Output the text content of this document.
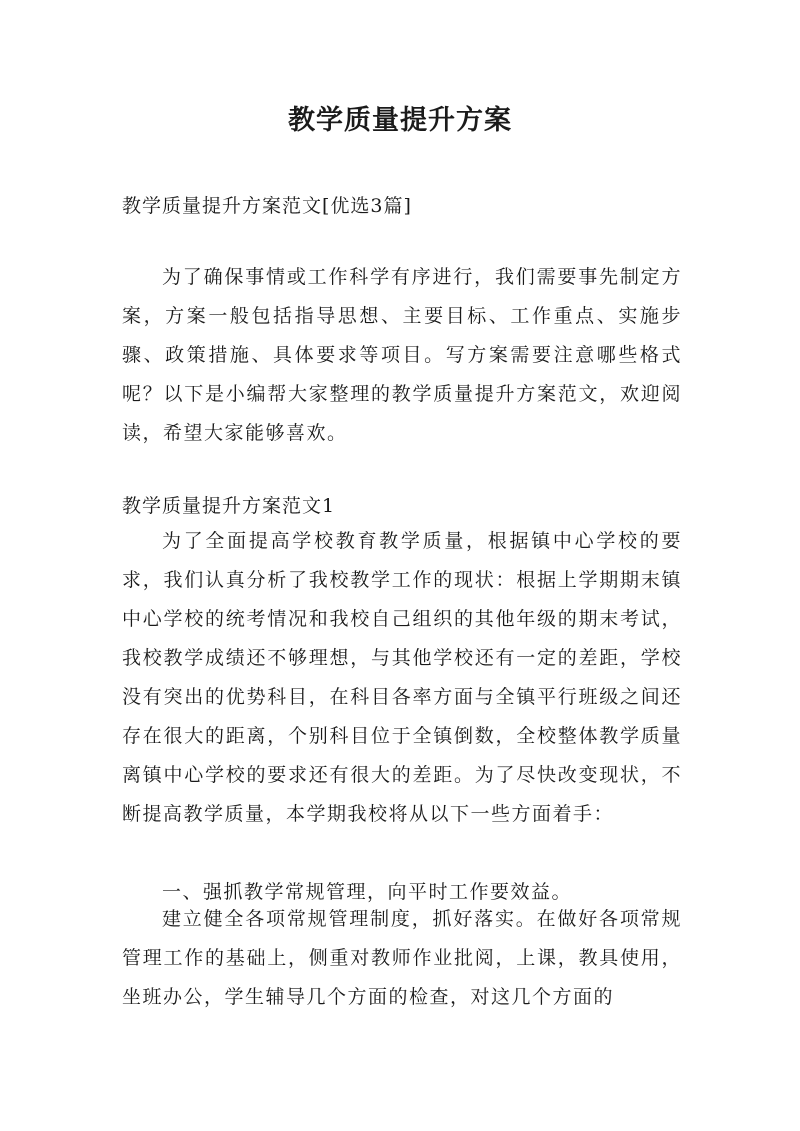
教学质量提升方案

教学质量提升方案范文[优选3篇]

为了确保事情或工作科学有序进行，我们需要事先制定方案，方案一般包括指导思想、主要目标、工作重点、实施步骤、政策措施、具体要求等项目。写方案需要注意哪些格式呢？以下是小编帮大家整理的教学质量提升方案范文，欢迎阅读，希望大家能够喜欢。

教学质量提升方案范文1

为了全面提高学校教育教学质量，根据镇中心学校的要求，我们认真分析了我校教学工作的现状：根据上学期期末镇中心学校的统考情况和我校自己组织的其他年级的期末考试，我校教学成绩还不够理想，与其他学校还有一定的差距，学校没有突出的优势科目，在科目各率方面与全镇平行班级之间还存在很大的距离，个别科目位于全镇倒数，全校整体教学质量离镇中心学校的要求还有很大的差距。为了尽快改变现状，不断提高教学质量，本学期我校将从以下一些方面着手：

一、强抓教学常规管理，向平时工作要效益。

建立健全各项常规管理制度，抓好落实。在做好各项常规管理工作的基础上，侧重对教师作业批阅，上课，教具使用，坐班办公，学生辅导几个方面的检查，对这几个方面的
